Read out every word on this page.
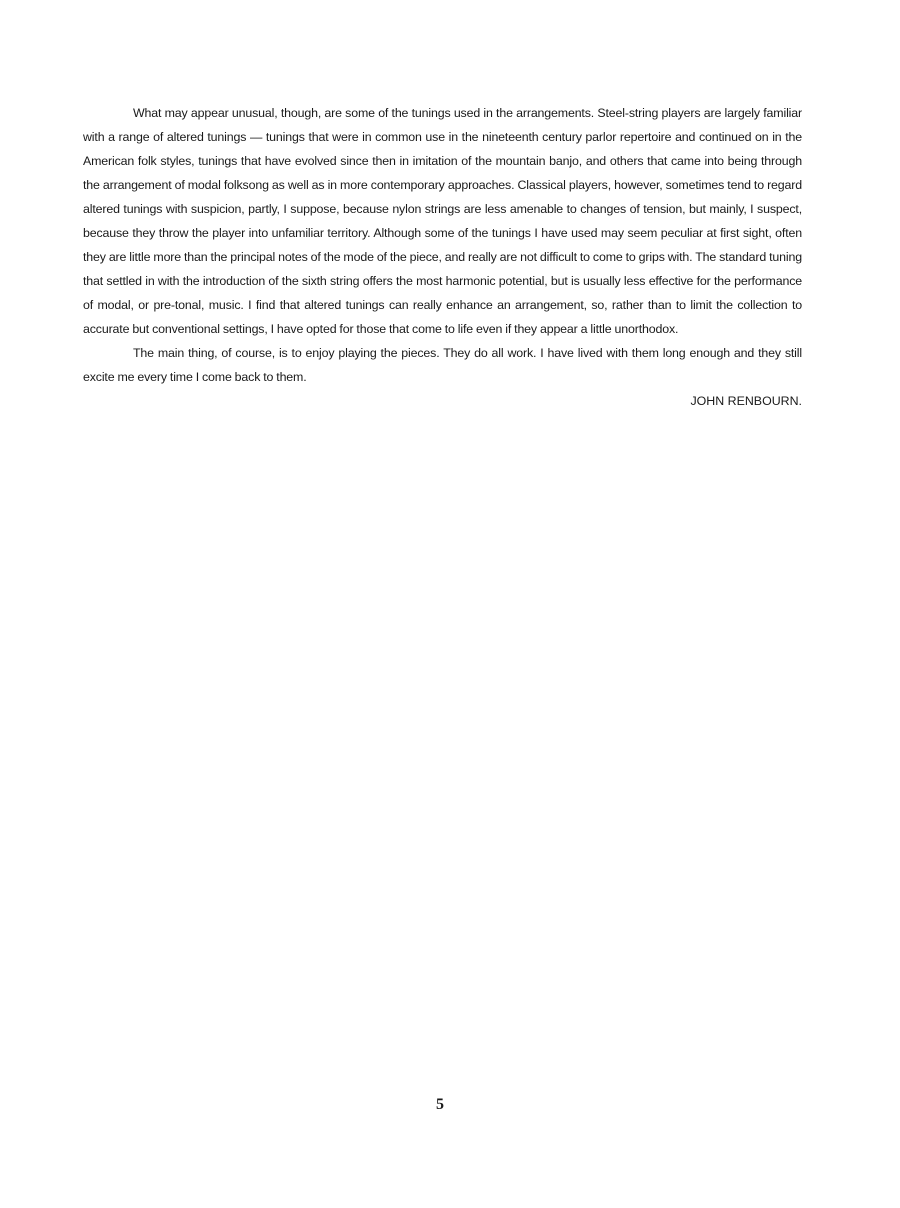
What may appear unusual, though, are some of the tunings used in the arrangements. Steel-string players are largely familiar with a range of altered tunings — tunings that were in common use in the nineteenth century parlor repertoire and continued on in the American folk styles, tunings that have evolved since then in imitation of the mountain banjo, and others that came into being through the arrangement of modal folksong as well as in more contemporary approaches. Classical players, however, sometimes tend to regard altered tunings with suspicion, partly, I suppose, because nylon strings are less amenable to changes of tension, but mainly, I suspect, because they throw the player into unfamiliar territory. Although some of the tunings I have used may seem peculiar at first sight, often they are little more than the principal notes of the mode of the piece, and really are not difficult to come to grips with. The standard tuning that settled in with the introduction of the sixth string offers the most harmonic potential, but is usually less effective for the performance of modal, or pre-tonal, music. I find that altered tunings can really enhance an arrangement, so, rather than to limit the collection to accurate but conventional settings, I have opted for those that come to life even if they appear a little unorthodox.

The main thing, of course, is to enjoy playing the pieces. They do all work. I have lived with them long enough and they still excite me every time I come back to them.

JOHN RENBOURN.

5
